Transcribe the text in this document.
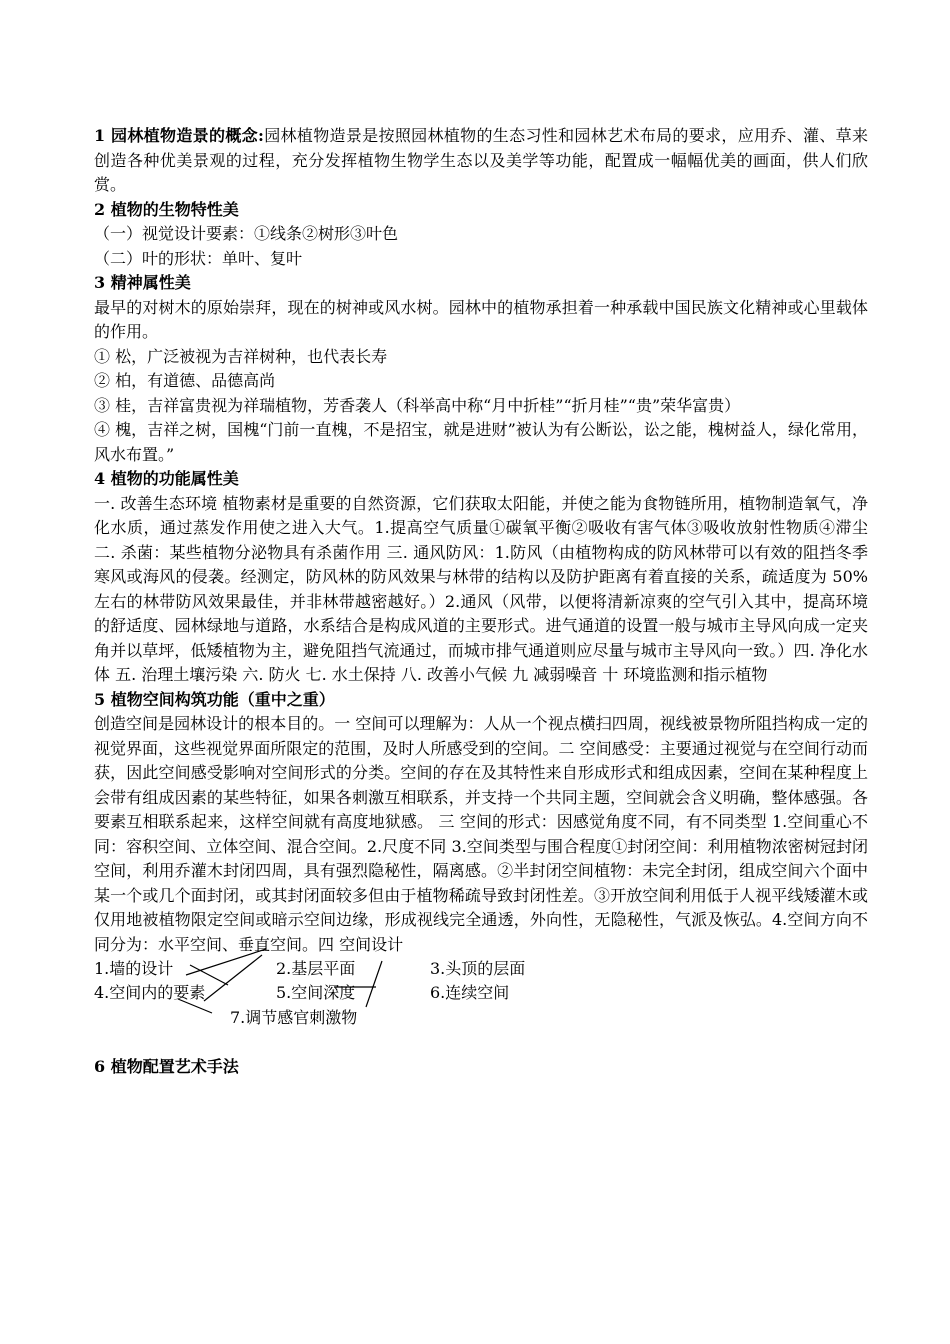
1 园林植物造景的概念:园林植物造景是按照园林植物的生态习性和园林艺术布局的要求，应用乔、灌、草来创造各种优美景观的过程，充分发挥植物生物学生态以及美学等功能，配置成一幅幅优美的画面，供人们欣赏。

2 植物的生物特性美

（一）视觉设计要素：①线条②树形③叶色

（二）叶的形状：单叶、复叶

3 精神属性美

最早的对树木的原始崇拜，现在的树神或风水树。园林中的植物承担着一种承载中国民族文化精神或心里载体的作用。

① 松，广泛被视为吉祥树种，也代表长寿

② 柏，有道德、品德高尚

③ 桂，吉祥富贵视为祥瑞植物，芳香袭人（科举高中称“月中折桂”“折月桂”“贵”荣华富贵）

④ 槐，吉祥之树，国槐“门前一直槐，不是招宝，就是进财”被认为有公断讼，讼之能，槐树益人，绿化常用，风水布置。”

4 植物的功能属性美

一. 改善生态环境 植物素材是重要的自然资源，它们获取太阳能，并使之能为食物链所用，植物制造氧气，净化水质，通过蒸发作用使之进入大气。1.提高空气质量①碳氧平衡②吸收有害气体③吸收放射性物质④滞尘 二. 杀菌：某些植物分泌物具有杀菌作用 三. 通风防风：1.防风（由植物构成的防风林带可以有效的阻挡冬季寒风或海风的侵袭。经测定，防风林的防风效果与林带的结构以及防护距离有着直接的关系，疏适度为 50%左右的林带防风效果最佳，并非林带越密越好。）2.通风（风带，以便将清新凉爽的空气引入其中，提高环境的舒适度、园林绿地与道路，水系结合是构成风道的主要形式。进气通道的设置一般与城市主导风向成一定夹角并以草坪，低矮植物为主，避免阻挡气流通过，而城市排气通道则应尽量与城市主导风向一致。）四. 净化水体 五. 治理土壤污染 六. 防火 七. 水土保持 八. 改善小气候 九 减弱噪音 十 环境监测和指示植物

5 植物空间构筑功能（重中之重）

创造空间是园林设计的根本目的。一 空间可以理解为：人从一个视点横扫四周，视线被景物所阻挡构成一定的视觉界面，这些视觉界面所限定的范围，及时人所感受到的空间。二 空间感受：主要通过视觉与在空间行动而获，因此空间感受影响对空间形式的分类。空间的存在及其特性来自形成形式和组成因素，空间在某种程度上会带有组成因素的某些特征，如果各刺激互相联系，并支持一个共同主题，空间就会含义明确，整体感强。各要素互相联系起来，这样空间就有高度地狱感。 三 空间的形式：因感觉角度不同，有不同类型 1.空间重心不同：容积空间、立体空间、混合空间。2.尺度不同 3.空间类型与围合程度①封闭空间：利用植物浓密树冠封闭空间，利用乔灌木封闭四周，具有强烈隐秘性，隔离感。②半封闭空间植物：未完全封闭，组成空间六个面中某一个或几个面封闭，或其封闭面较多但由于植物稀疏导致封闭性差。③开放空间利用低于人视平线矮灌木或仅用地被植物限定空间或暗示空间边缘，形成视线完全通透，外向性，无隐秘性，气派及恢弘。4.空间方向不同分为：水平空间、垂直空间。四 空间设计

1.墙的设计	2.基层平面	3.头顶的层面
4.空间内的要素	5.空间深度	6.连续空间
7.调节感官刺激物

6 植物配置艺术手法
